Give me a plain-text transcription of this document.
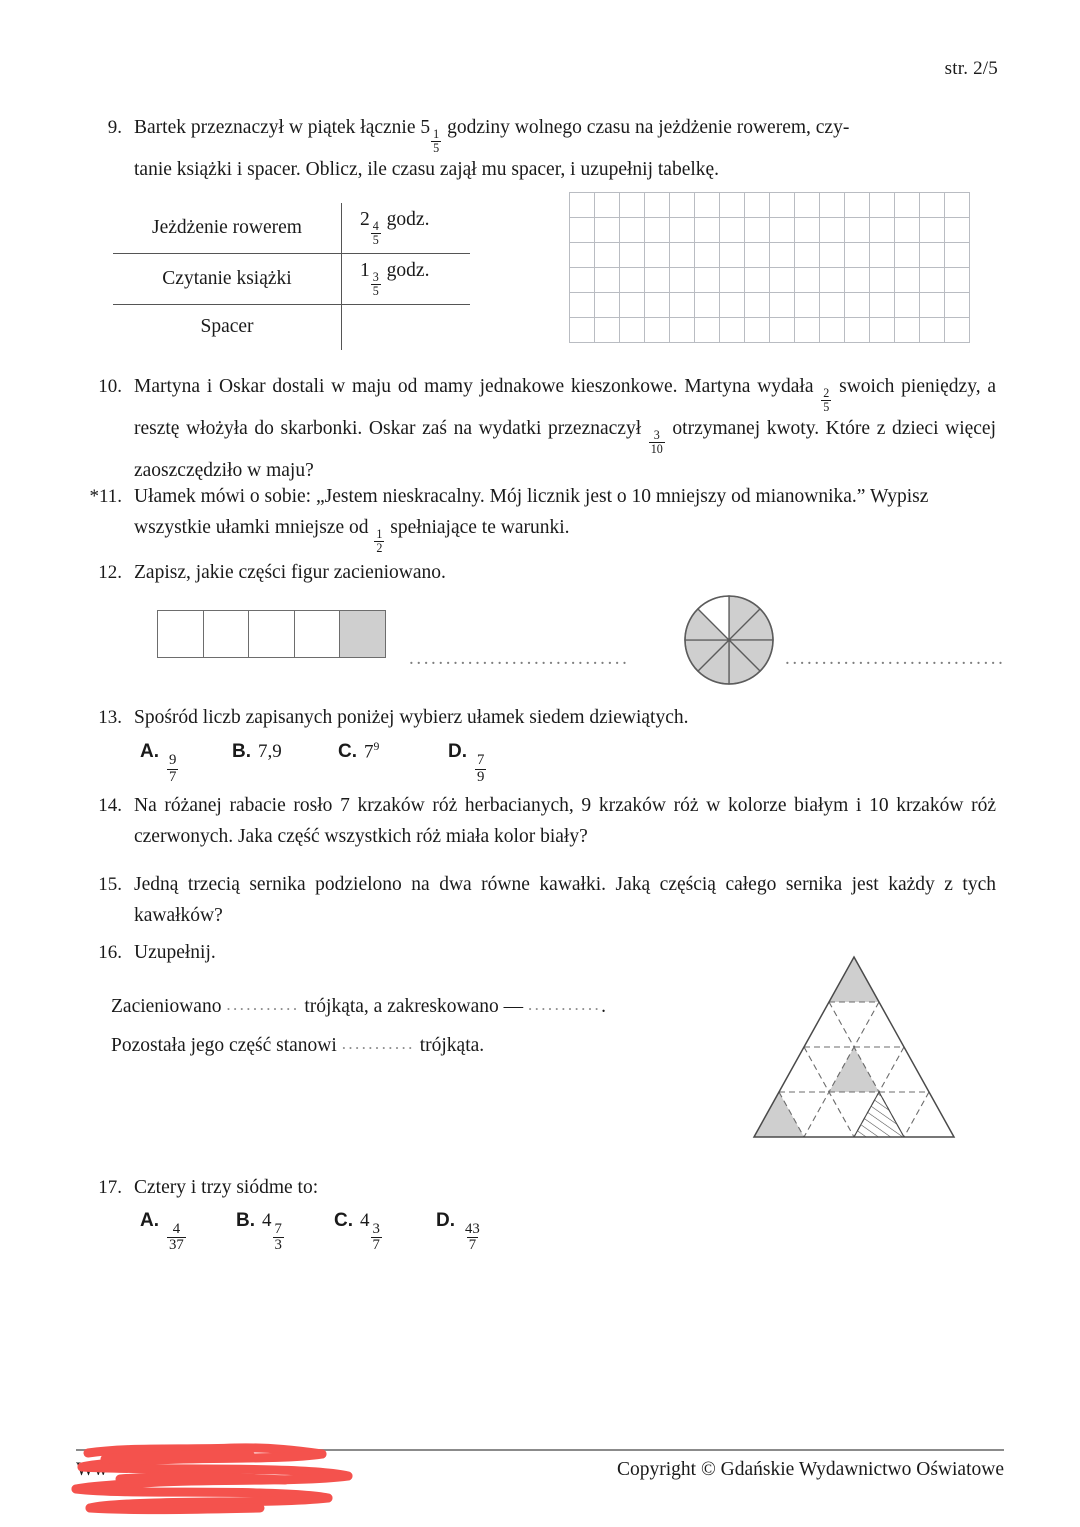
str. 2/5
9. Bartek przeznaczył w piątek łącznie 5
$\frac{1}{5}$
godziny wolnego czasu na jeżdżenie rowerem, czy-

tanie książki i spacer. Oblicz, ile czasu zajął mu spacer, i uzupełnij tabelkę.

Jeżdżenie rowerem	2
$\frac{4}{5}$
godz.
Czytanie książki	1
$\frac{3}{5}$
godz.
Spacer	
10. Martyna i Oskar dostali w maju od mamy jednakowe kieszonkowe. Martyna wydała
$\frac{2}{5}$
swoich pieniędzy, a resztę włożyła do skarbonki. Oskar zaś na wydatki przeznaczył
$\frac{3}{10}$
otrzymanej kwoty. Które z dzieci więcej zaoszczędziło w maju?
*11. Ułamek mówi o sobie: „Jestem nieskracalny. Mój licznik jest o 10 mniejszy od mianownika.” Wypisz wszystkie ułamki mniejsze od
$\frac{1}{2}$
spełniające te warunki.
12. Zapisz, jakie części figur zacieniowano.
..............................	..............................
13. Spośród liczb zapisanych poniżej wybierz ułamek siedem dziewiątych.
A.
$\frac{9}{7}$
B. 7,9	C. $7^9$	D.
$\frac{7}{9}$
14. Na różanej rabacie rosło 7 krzaków róż herbacianych, 9 krzaków róż w kolorze białym i 10 krzaków róż czerwonych. Jaka część wszystkich róż miała kolor biały?
15. Jedną trzecią sernika podzielono na dwa równe kawałki. Jaką częścią całego sernika jest każdy z tych kawałków?
16. Uzupełnij.
Zacieniowano ........... trójkąta, a zakreskowano — ............
Pozostała jego część stanowi ........... trójkąta.
17. Cztery i trzy siódme to:
A.
$\frac{4}{37}$
B. 4
$\frac{7}{3}$
C. 4
$\frac{3}{7}$
D.
$\frac{43}{7}$
Ww	Copyright © Gdańskie Wydawnictwo Oświatowe
